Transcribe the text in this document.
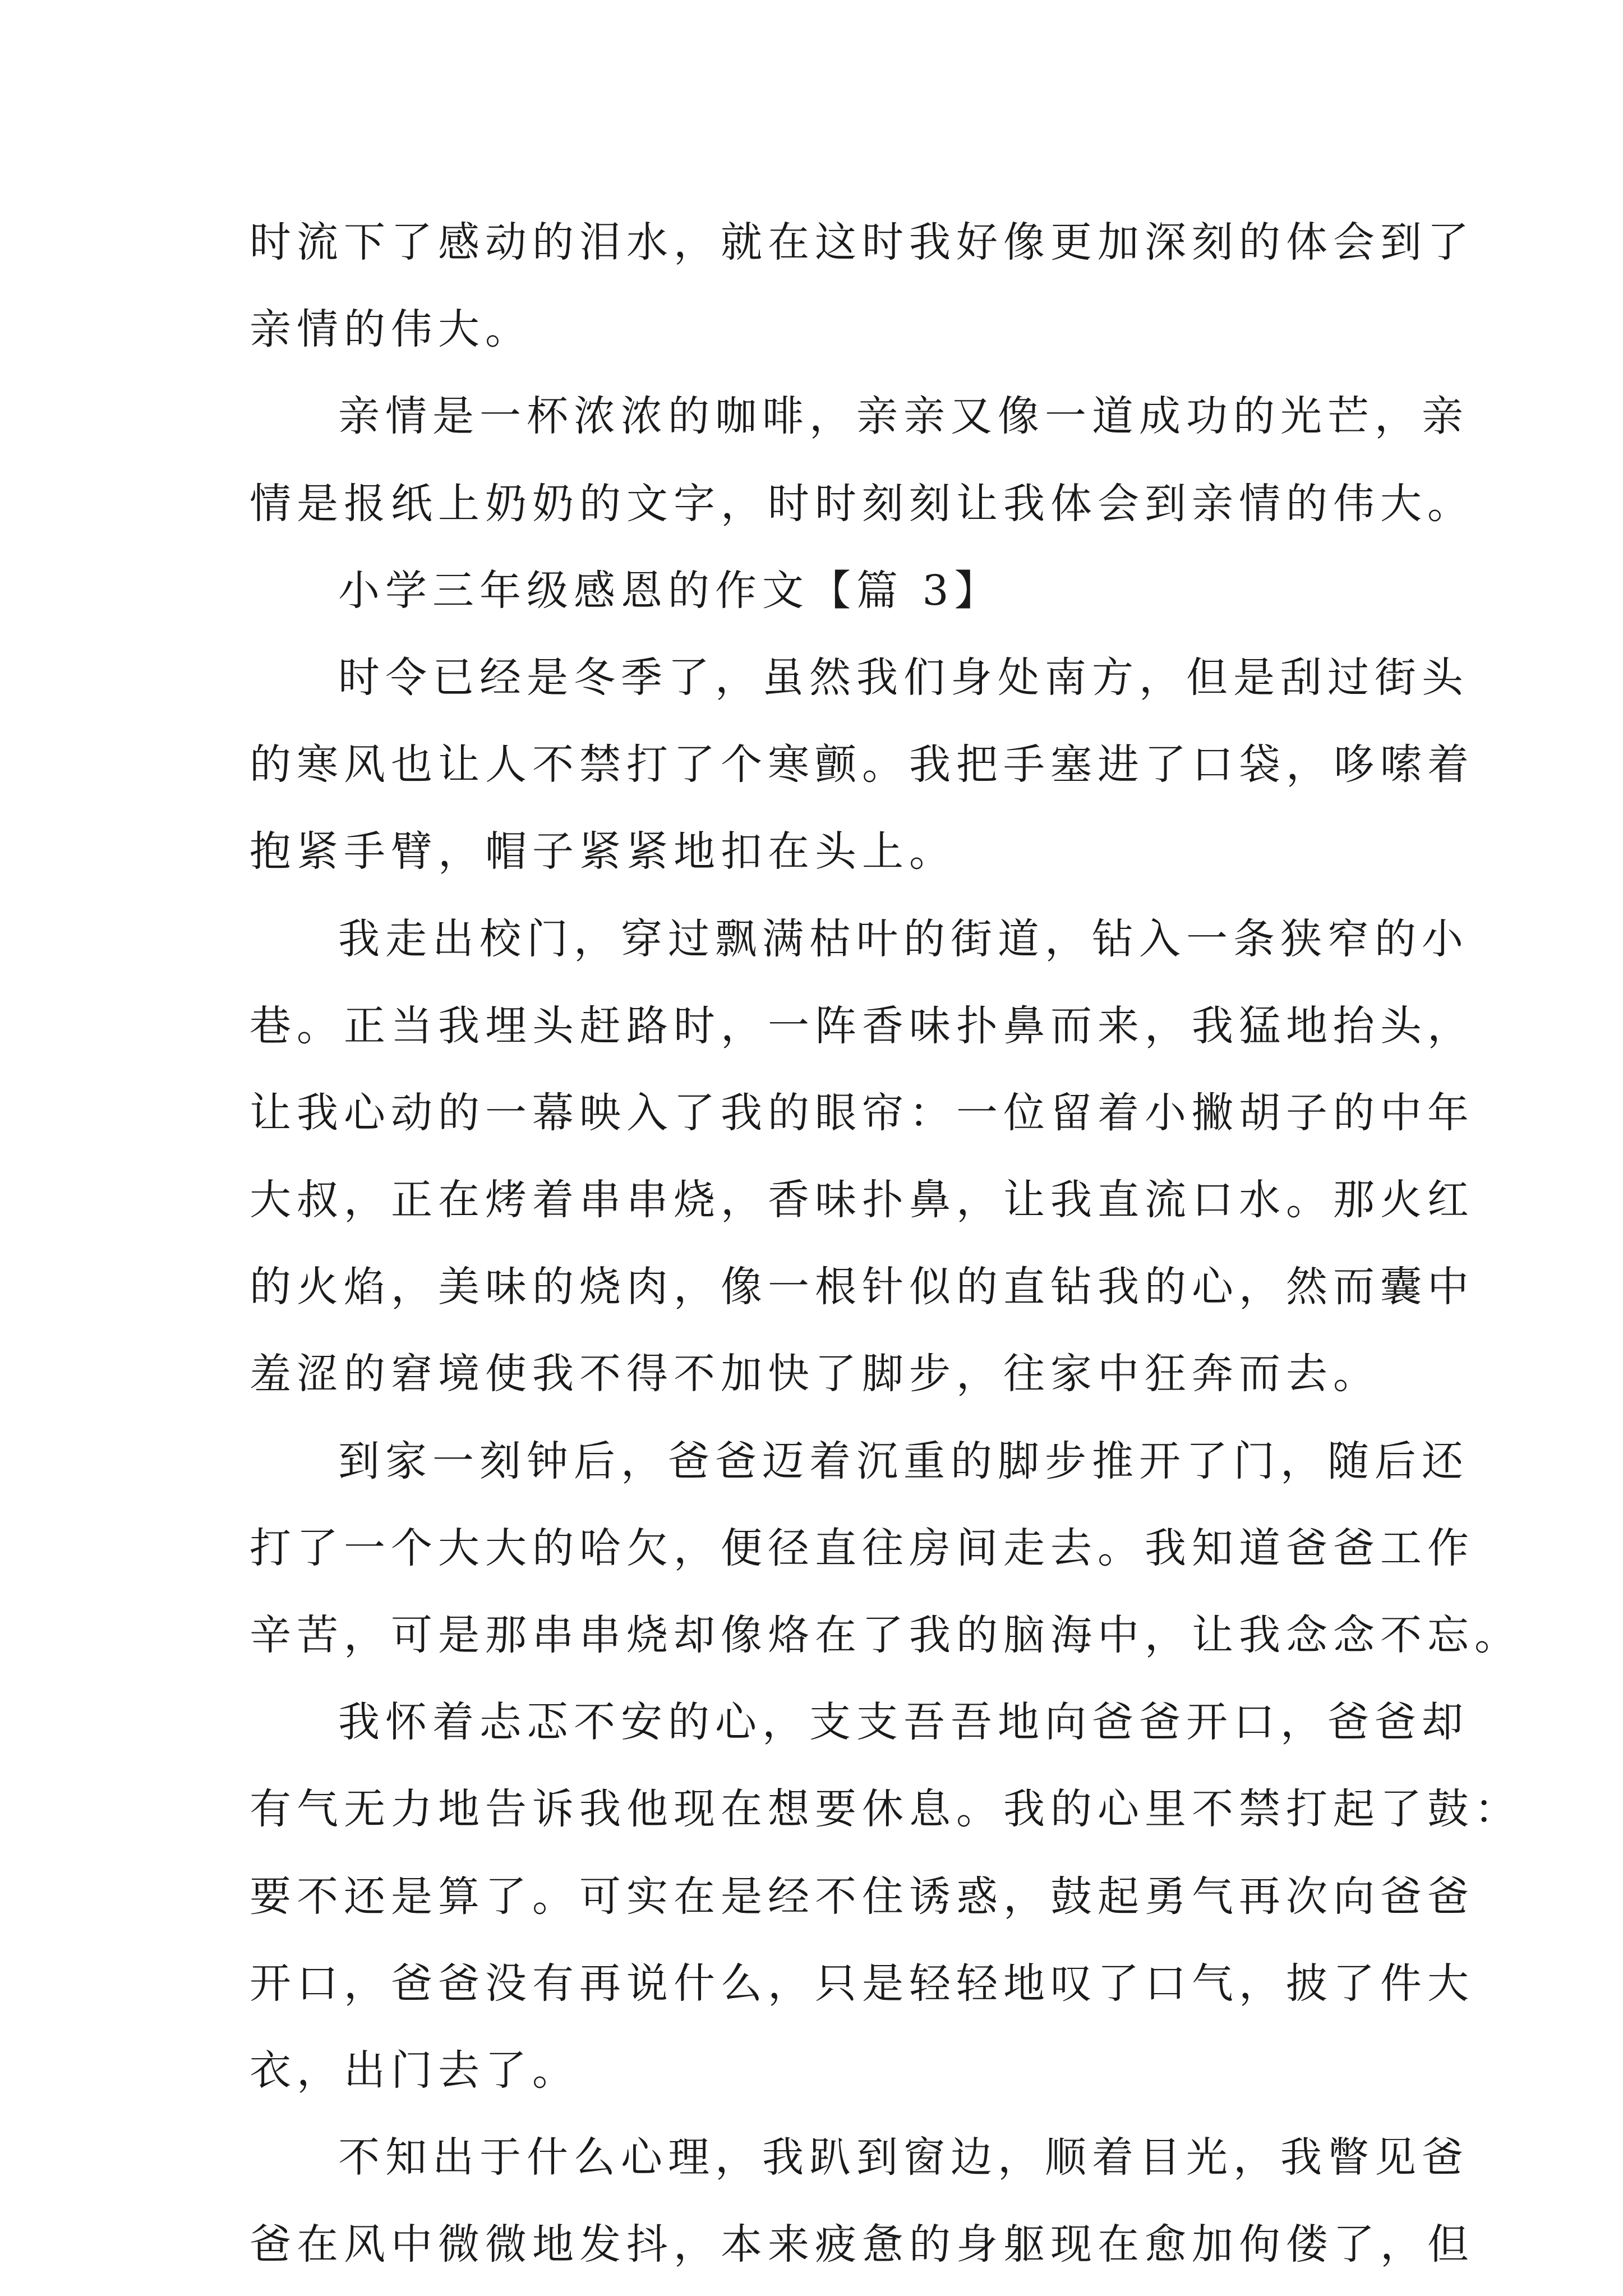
时流下了感动的泪水，就在这时我好像更加深刻的体会到了
亲情的伟大。
亲情是一杯浓浓的咖啡，亲亲又像一道成功的光芒，亲
情是报纸上奶奶的文字，时时刻刻让我体会到亲情的伟大。
小学三年级感恩的作文【篇 3】
时令已经是冬季了，虽然我们身处南方，但是刮过街头
的寒风也让人不禁打了个寒颤。我把手塞进了口袋，哆嗦着
抱紧手臂，帽子紧紧地扣在头上。
我走出校门，穿过飘满枯叶的街道，钻入一条狭窄的小
巷。正当我埋头赶路时，一阵香味扑鼻而来，我猛地抬头，
让我心动的一幕映入了我的眼帘：一位留着小撇胡子的中年
大叔，正在烤着串串烧，香味扑鼻，让我直流口水。那火红
的火焰，美味的烧肉，像一根针似的直钻我的心，然而囊中
羞涩的窘境使我不得不加快了脚步，往家中狂奔而去。
到家一刻钟后，爸爸迈着沉重的脚步推开了门，随后还
打了一个大大的哈欠，便径直往房间走去。我知道爸爸工作
辛苦，可是那串串烧却像烙在了我的脑海中，让我念念不忘。
我怀着忐忑不安的心，支支吾吾地向爸爸开口，爸爸却
有气无力地告诉我他现在想要休息。我的心里不禁打起了鼓：
要不还是算了。可实在是经不住诱惑，鼓起勇气再次向爸爸
开口，爸爸没有再说什么，只是轻轻地叹了口气，披了件大
衣，出门去了。
不知出于什么心理，我趴到窗边，顺着目光，我瞥见爸
爸在风中微微地发抖，本来疲惫的身躯现在愈加佝偻了，但
